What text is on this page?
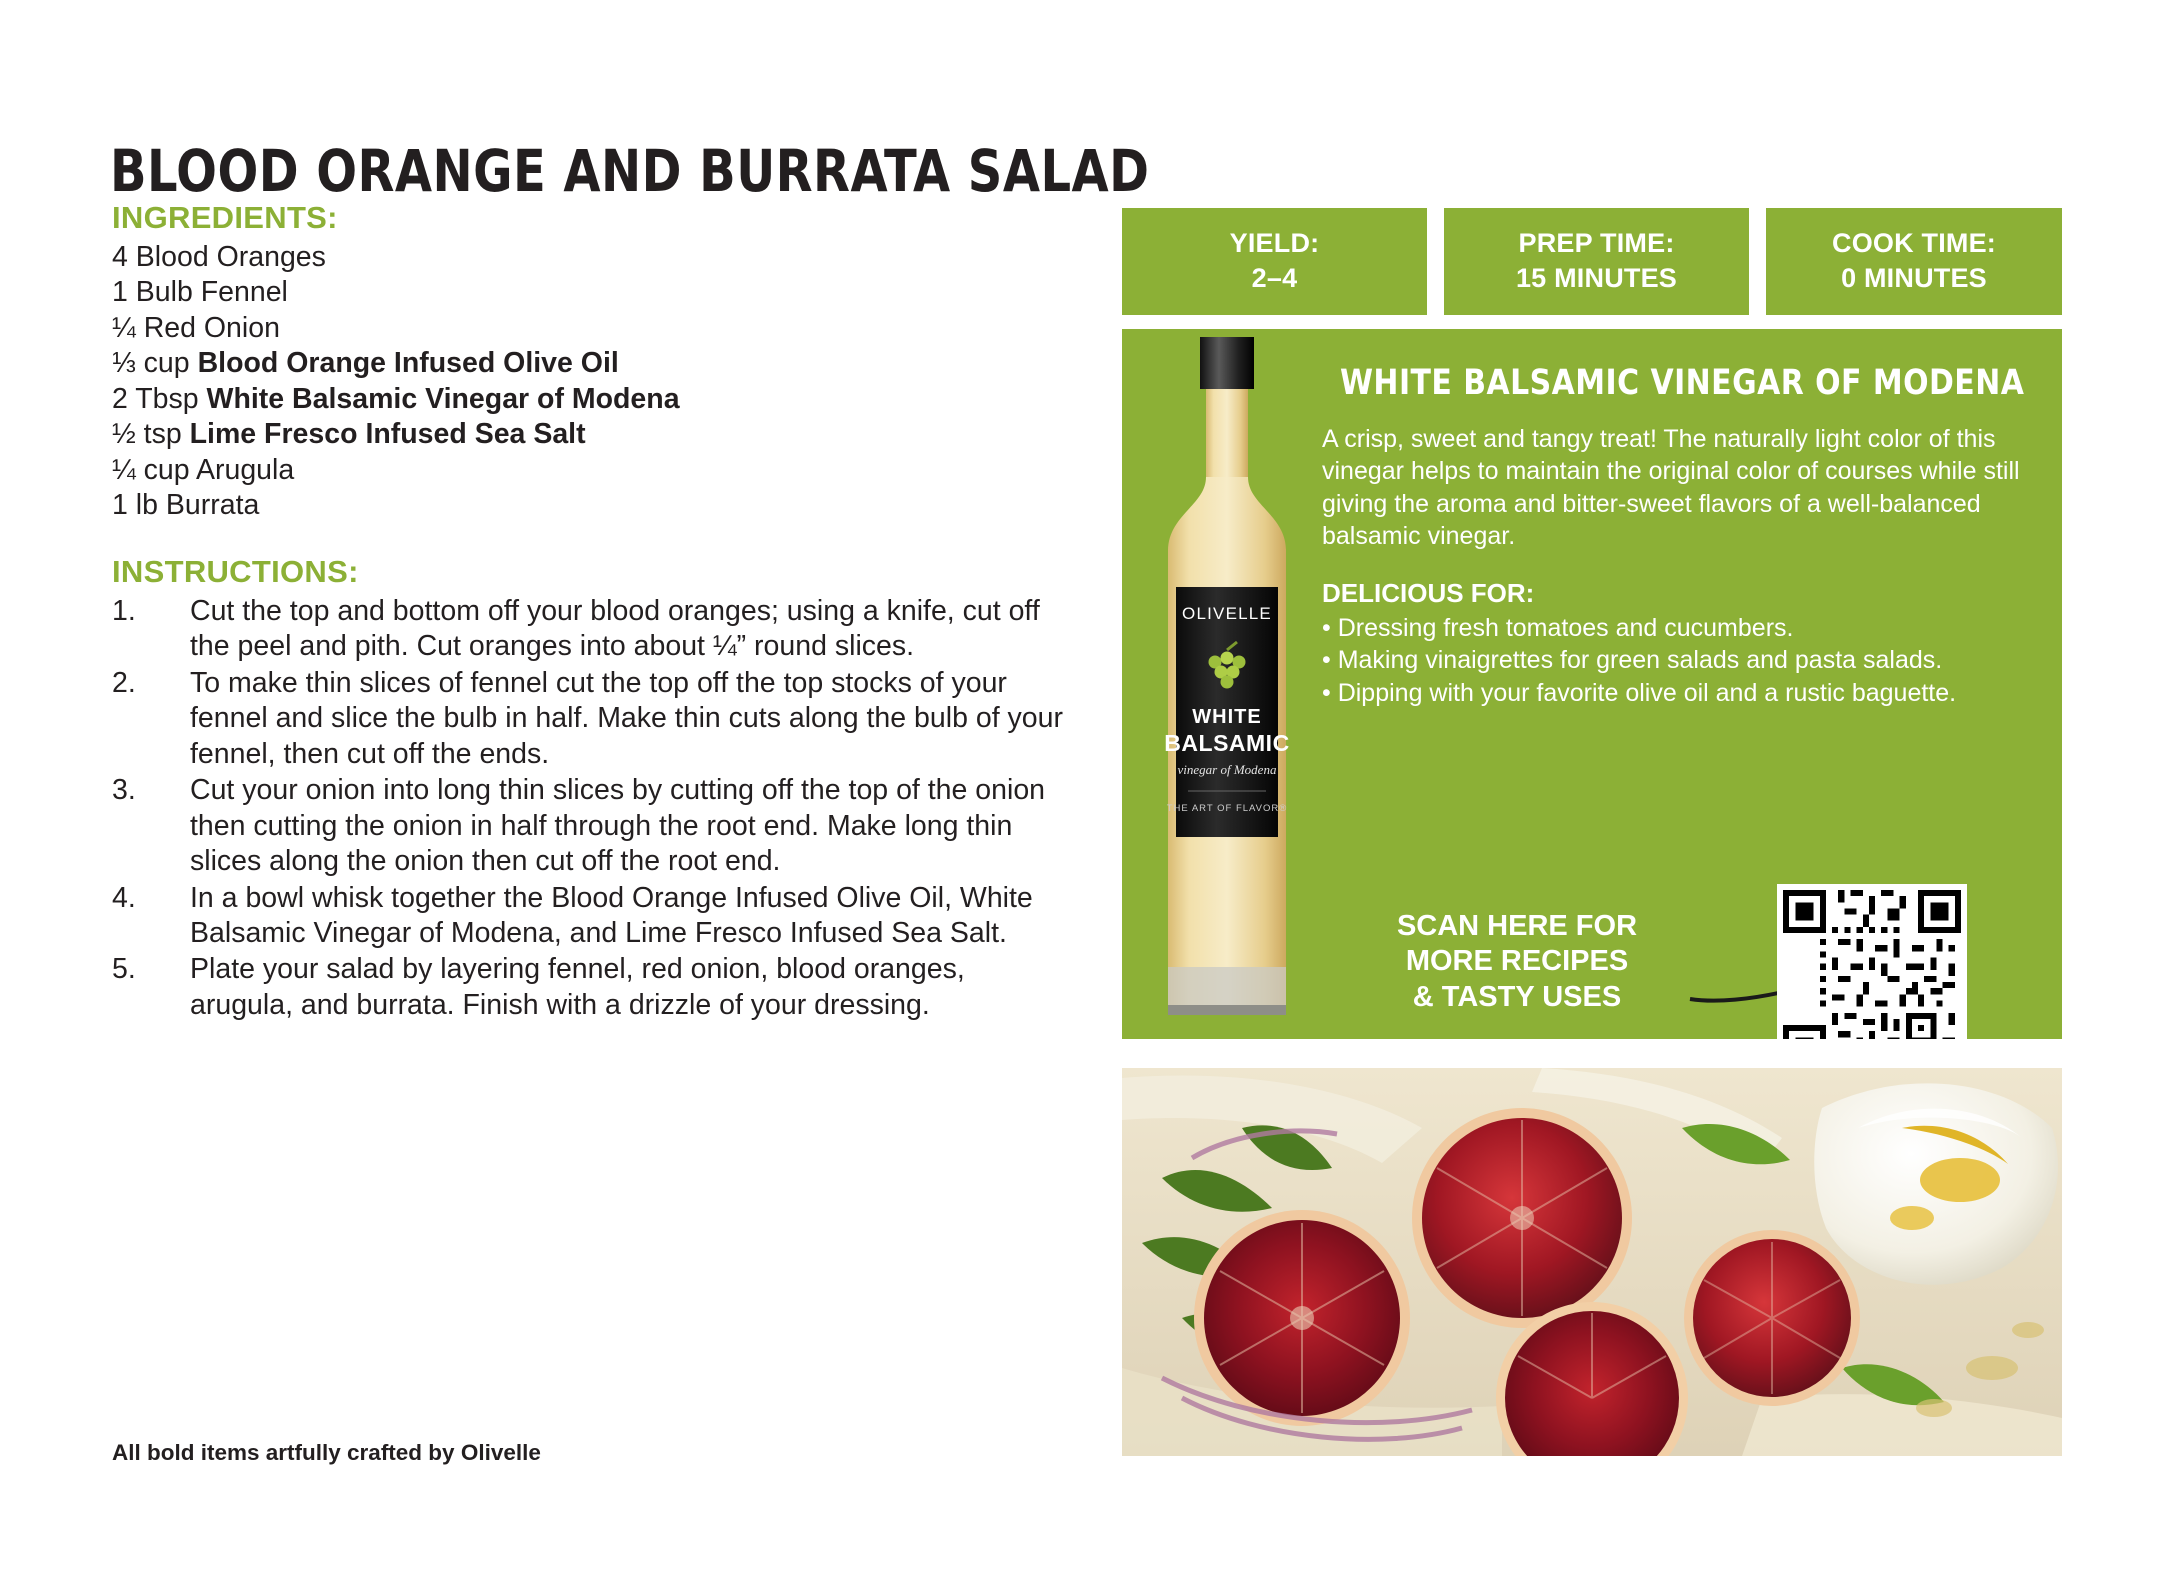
BLOOD ORANGE AND BURRATA SALAD
INGREDIENTS:
4 Blood Oranges
1 Bulb Fennel
¼ Red Onion
⅓ cup Blood Orange Infused Olive Oil
2 Tbsp White Balsamic Vinegar of Modena
½ tsp Lime Fresco Infused Sea Salt
¼ cup Arugula
1 lb Burrata
INSTRUCTIONS:
1.	Cut the top and bottom off your blood oranges; using a knife, cut off the peel and pith. Cut oranges into about ¼” round slices.
2.	To make thin slices of fennel cut the top off the top stocks of your fennel and slice the bulb in half. Make thin cuts along the bulb of your fennel, then cut off the ends.
3.	Cut your onion into long thin slices by cutting off the top of the onion then cutting the onion in half through the root end. Make long thin slices along the onion then cut off the root end.
4.	In a bowl whisk together the Blood Orange Infused Olive Oil, White Balsamic Vinegar of Modena, and Lime Fresco Infused Sea Salt.
5.	Plate your salad by layering fennel, red onion, blood oranges, arugula, and burrata. Finish with a drizzle of your dressing.
All bold items artfully crafted by Olivelle
YIELD:
2–4
PREP TIME:
15 MINUTES
COOK TIME:
0 MINUTES
OLIVELLE
WHITE
BALSAMIC
vinegar of Modena
THE ART OF FLAVOR®
WHITE BALSAMIC VINEGAR OF MODENA
A crisp, sweet and tangy treat! The naturally light color of this vinegar helps to maintain the original color of courses while still giving the aroma and bitter-sweet flavors of a well-balanced balsamic vinegar.
DELICIOUS FOR:
• Dressing fresh tomatoes and cucumbers.
• Making vinaigrettes for green salads and pasta salads.
• Dipping with your favorite olive oil and a rustic baguette.
SCAN HERE FOR
MORE RECIPES
& TASTY USES
